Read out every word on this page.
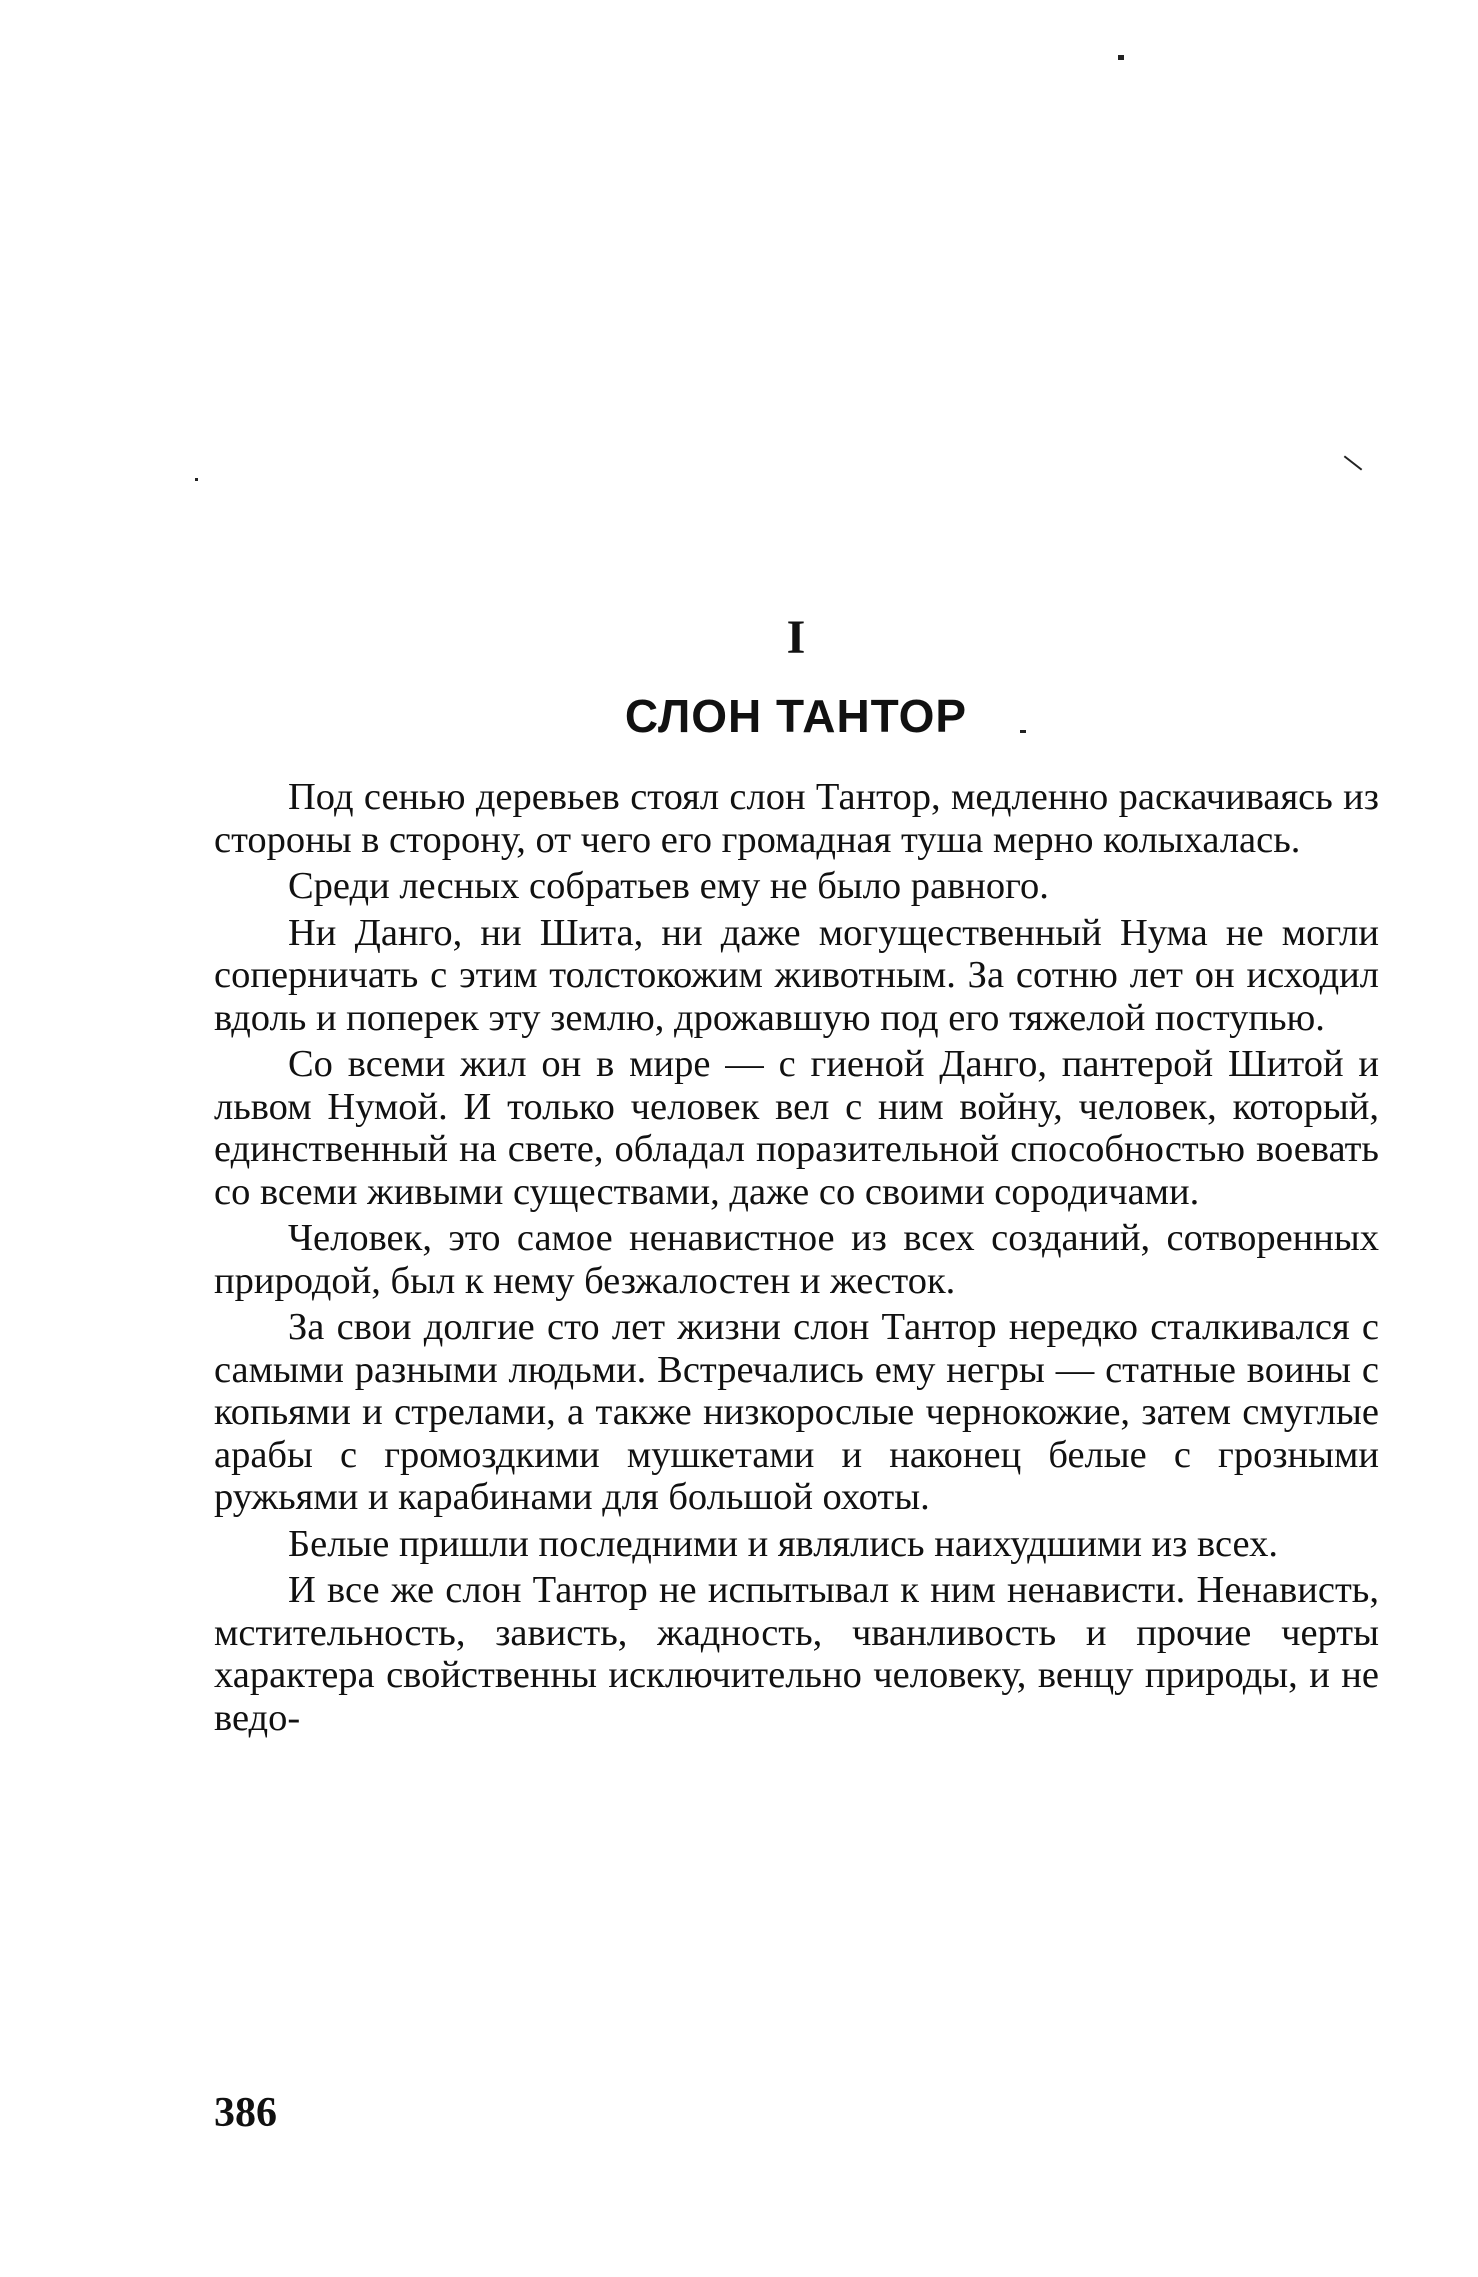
I
СЛОН ТАНТОР

Под сенью деревьев стоял слон Тантор, медленно раскачиваясь из стороны в сторону, от чего его громадная туша мерно колыхалась.

Среди лесных собратьев ему не было равного.

Ни Данго, ни Шита, ни даже могущественный Нума не могли соперничать с этим толстокожим животным. За сотню лет он исходил вдоль и поперек эту землю, дрожавшую под его тяжелой поступью.

Со всеми жил он в мире — с гиеной Данго, пантерой Шитой и львом Нумой. И только человек вел с ним войну, человек, который, единственный на свете, обладал поразительной способностью воевать со всеми живыми существами, даже со своими сородичами.

Человек, это самое ненавистное из всех созданий, сотворенных природой, был к нему безжалостен и жесток.

За свои долгие сто лет жизни слон Тантор нередко сталкивался с самыми разными людьми. Встречались ему негры — статные воины с копьями и стрелами, а также низкорослые чернокожие, затем смуглые арабы с громоздкими мушкетами и наконец белые с грозными ружьями и карабинами для большой охоты.

Белые пришли последними и являлись наихудшими из всех.

И все же слон Тантор не испытывал к ним ненависти. Ненависть, мстительность, зависть, жадность, чванливость и прочие черты характера свойственны исключительно человеку, венцу природы, и не ведо-

386
